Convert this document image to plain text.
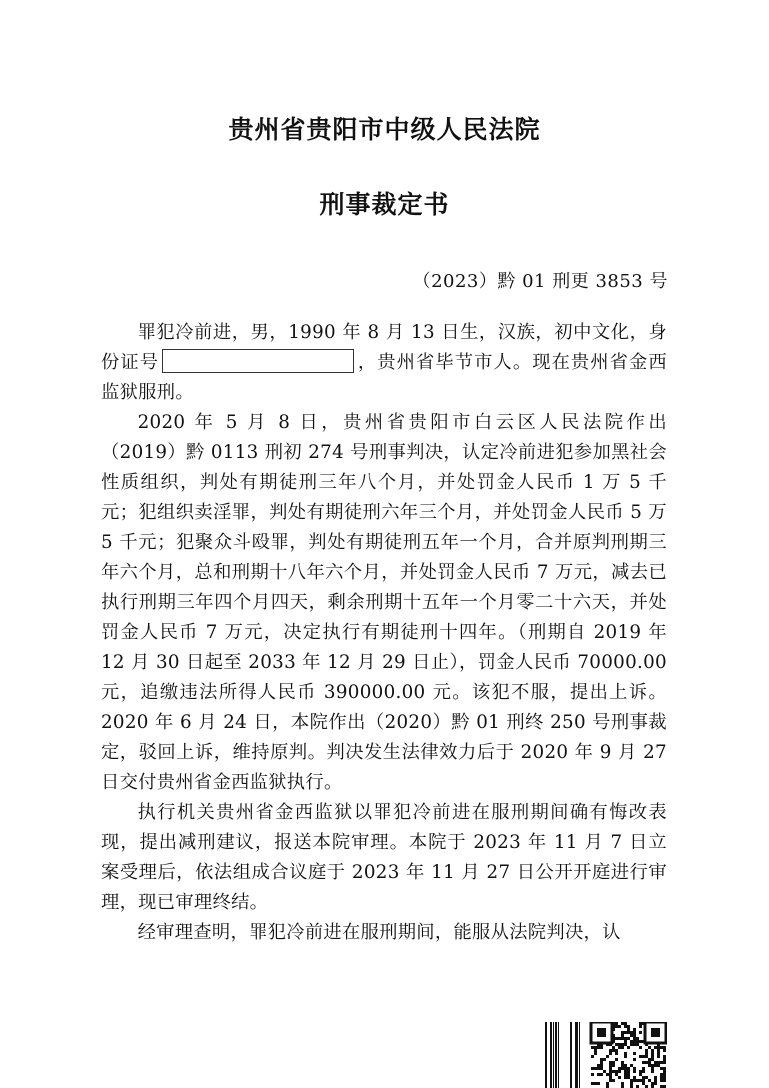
贵州省贵阳市中级人民法院
刑事裁定书
（2023）黔 01 刑更 3853 号

罪犯冷前进，男，1990 年 8 月 13 日生，汉族，初中文化，身份证号	，贵州省毕节市人。现在贵州省金西监狱服刑。

2020 年 5 月 8 日，贵州省贵阳市白云区人民法院作出（2019）黔 0113 刑初 274 号刑事判决，认定冷前进犯参加黑社会性质组织，判处有期徒刑三年八个月，并处罚金人民币 1 万 5 千元；犯组织卖淫罪，判处有期徒刑六年三个月，并处罚金人民币 5 万 5 千元；犯聚众斗殴罪，判处有期徒刑五年一个月，合并原判刑期三年六个月，总和刑期十八年六个月，并处罚金人民币 7 万元，减去已执行刑期三年四个月四天，剩余刑期十五年一个月零二十六天，并处罚金人民币 7 万元，决定执行有期徒刑十四年。（刑期自 2019 年 12 月 30 日起至 2033 年 12 月 29 日止），罚金人民币 70000.00 元，追缴违法所得人民币 390000.00 元。该犯不服，提出上诉。2020 年 6 月 24 日，本院作出（2020）黔 01 刑终 250 号刑事裁定，驳回上诉，维持原判。判决发生法律效力后于 2020 年 9 月 27 日交付贵州省金西监狱执行。

执行机关贵州省金西监狱以罪犯冷前进在服刑期间确有悔改表现，提出减刑建议，报送本院审理。本院于 2023 年 11 月 7 日立案受理后，依法组成合议庭于 2023 年 11 月 27 日公开开庭进行审理，现已审理终结。

经审理查明，罪犯冷前进在服刑期间，能服从法院判决，认
